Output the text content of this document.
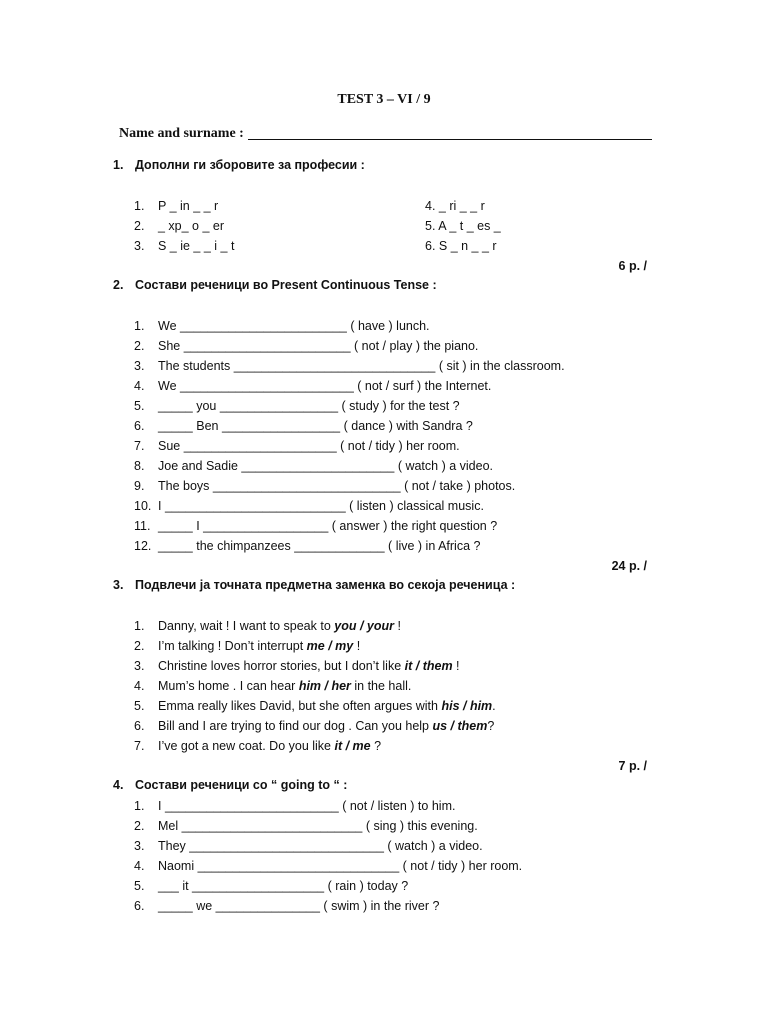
TEST 3 – VI / 9
Name and surname :
1. Дополни ги зборовите за професии :
1. P _ in _ _ r
2. _ xp_ o _ er
3. S _ ie _ _ i _ t
4. _ ri _ _ r
5. A _ t _ es _
6. S _ n _ _ r
6 p. /
2. Состави реченици во Present Continuous Tense :
1. We ________________________ ( have ) lunch.
2. She ________________________ ( not / play ) the piano.
3. The students _____________________________ ( sit ) in the classroom.
4. We _________________________ ( not / surf ) the Internet.
5. _____ you _________________ ( study ) for the test ?
6. _____ Ben _________________ ( dance ) with Sandra ?
7. Sue ______________________ ( not / tidy ) her room.
8. Joe and Sadie ______________________ ( watch ) a video.
9. The boys ___________________________ ( not / take ) photos.
10. I __________________________ ( listen ) classical music.
11. _____ I __________________ ( answer ) the right question ?
12. _____ the chimpanzees _____________ ( live ) in Africa ?
24 p. /
3. Подвлечи ја точната предметна заменка во секоја реченица :
1. Danny, wait ! I want to speak to you / your !
2. I’m talking ! Don’t interrupt me / my !
3. Christine loves horror stories, but I don’t like it / them !
4. Mum’s home . I can hear him / her in the hall.
5. Emma really likes David, but she often argues with his / him.
6. Bill and I are trying to find our dog . Can you help us / them?
7. I’ve got a new coat. Do you like it / me ?
7 p. /
4. Состави реченици со “ going to “ :
1. I _________________________ ( not / listen ) to him.
2. Mel __________________________ ( sing ) this evening.
3. They ____________________________ ( watch ) a video.
4. Naomi _____________________________ ( not / tidy ) her room.
5. ___ it ___________________ ( rain ) today ?
6. _____ we _______________ ( swim ) in the river ?
